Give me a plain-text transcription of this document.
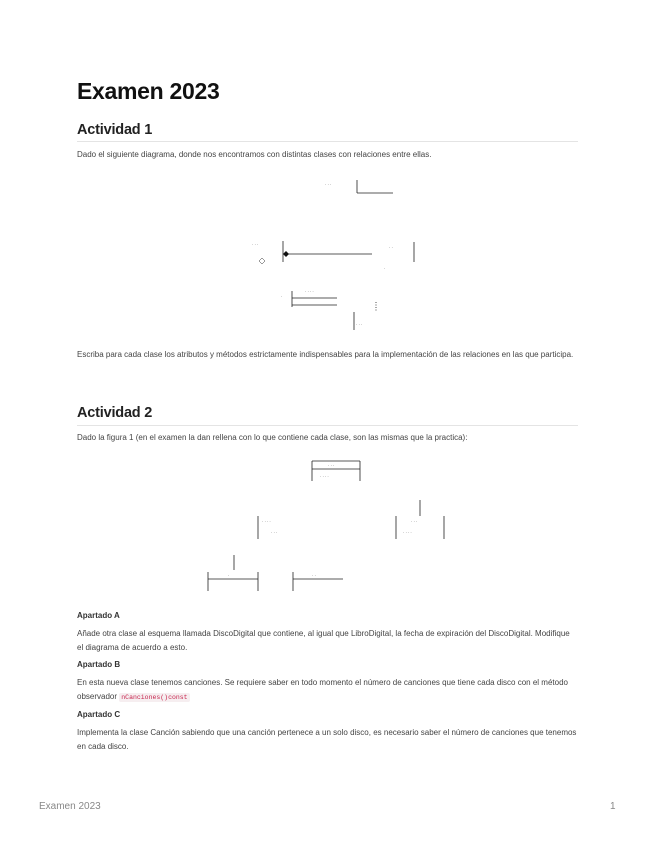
Examen 2023
Actividad 1

Dado el siguiente diagrama, donde nos encontramos con distintas clases con relaciones entre ellas.

· · ·
· · ·
· ·
· · · ·
· · ·
·
·

Escriba para cada clase los atributos y métodos estrictamente indispensables para la implementación de las relaciones en las que participa.

Actividad 2

Dado la figura 1 (en el examen la dan rellena con lo que contiene cada clase, son las mismas que la practica):

· · ·
· · · ·
· · · ·
· · ·
· · ·
· · · ·
·	· ·
Apartado A

Añade otra clase al esquema llamada DiscoDigital que contiene, al igual que LibroDigital, la fecha de expiración del DiscoDigital. Modifique el diagrama de acuerdo a esto.

Apartado B

En esta nueva clase tenemos canciones. Se requiere saber en todo momento el número de canciones que tiene cada disco con el método observador nCanciones()const

Apartado C

Implementa la clase Canción sabiendo que una canción pertenece a un solo disco, es necesario saber el número de canciones que tenemos en cada disco.

Examen 2023	1
